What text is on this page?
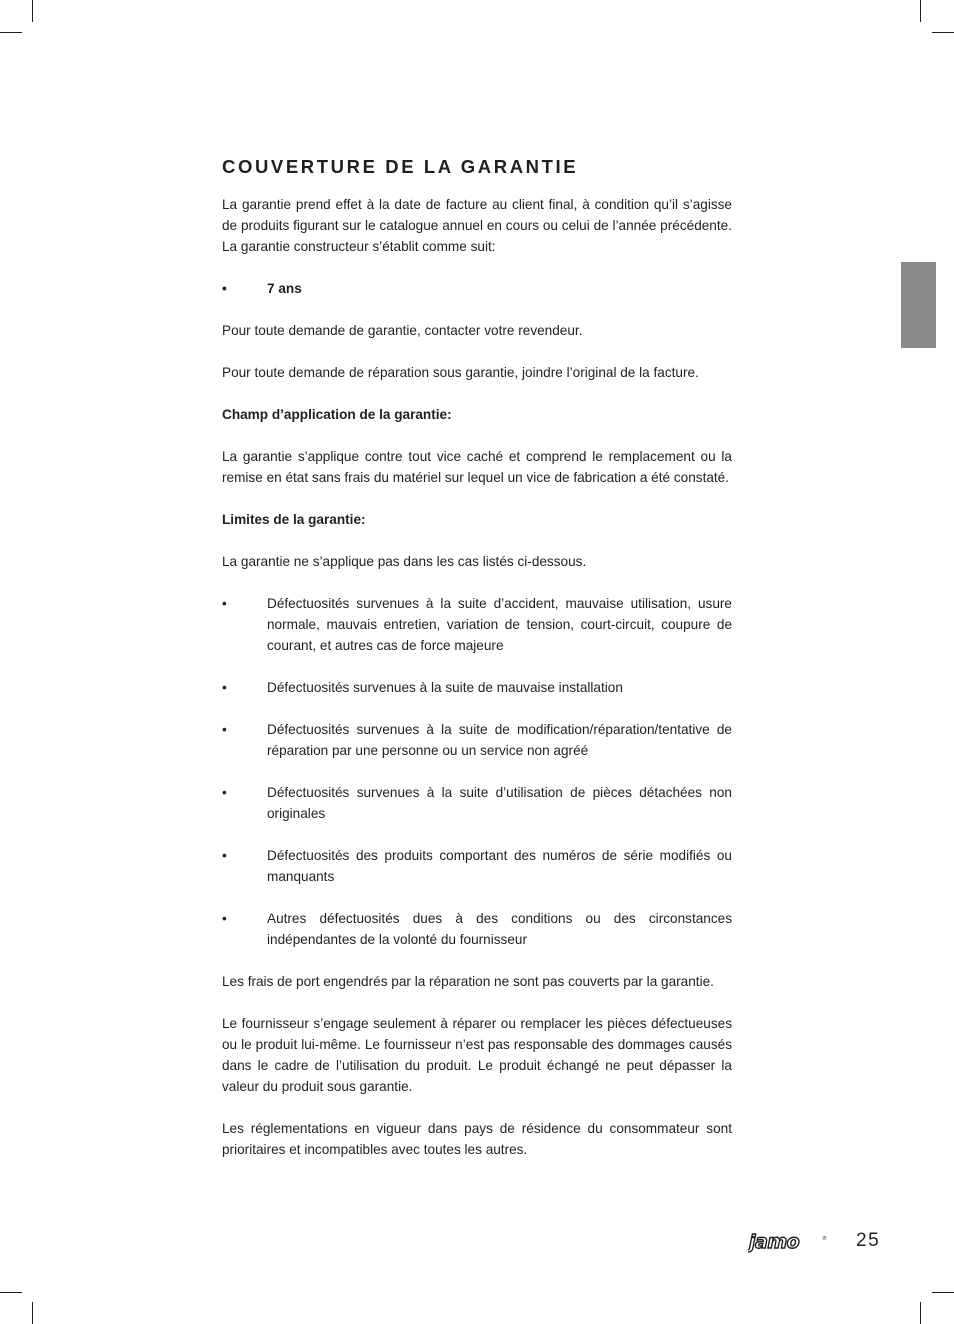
COUVERTURE DE LA GARANTIE

La garantie prend effet à la date de facture au client final, à condition qu’il s’agisse de produits figurant sur le catalogue annuel en cours ou celui de l’année précédente. La garantie constructeur s’établit comme suit:

•	7 ans

Pour toute demande de garantie, contacter votre revendeur.

Pour toute demande de réparation sous garantie, joindre l’original de la facture.

Champ d’application de la garantie:

La garantie s’applique contre tout vice caché et comprend le remplacement ou la remise en état sans frais du matériel sur lequel un vice de fabrication a été constaté.

Limites de la garantie:

La garantie ne s’applique pas dans les cas listés ci-dessous.

•	Défectuosités survenues à la suite d’accident, mauvaise utilisation, usure normale, mauvais entretien, variation de tension, court-circuit, coupure de courant, et autres cas de force majeure
•	Défectuosités survenues à la suite de mauvaise installation
•	Défectuosités survenues à la suite de modification/réparation/tentative de réparation par une personne ou un service non agréé
•	Défectuosités survenues à la suite d’utilisation de pièces détachées non originales
•	Défectuosités des produits comportant des numéros de série modifiés ou manquants
•	Autres défectuosités dues à des conditions ou des circonstances indépendantes de la volonté du fournisseur

Les frais de port engendrés par la réparation ne sont pas couverts par la garantie.

Le fournisseur s’engage seulement à réparer ou remplacer les pièces défectueuses ou le produit lui-même. Le fournisseur n’est pas responsable des dommages causés dans le cadre de l’utilisation du produit. Le produit échangé ne peut dépasser la valeur du produit sous garantie.

Les réglementations en vigueur dans pays de résidence du consommateur sont prioritaires et incompatibles avec toutes les autres.

jamo	® 25
